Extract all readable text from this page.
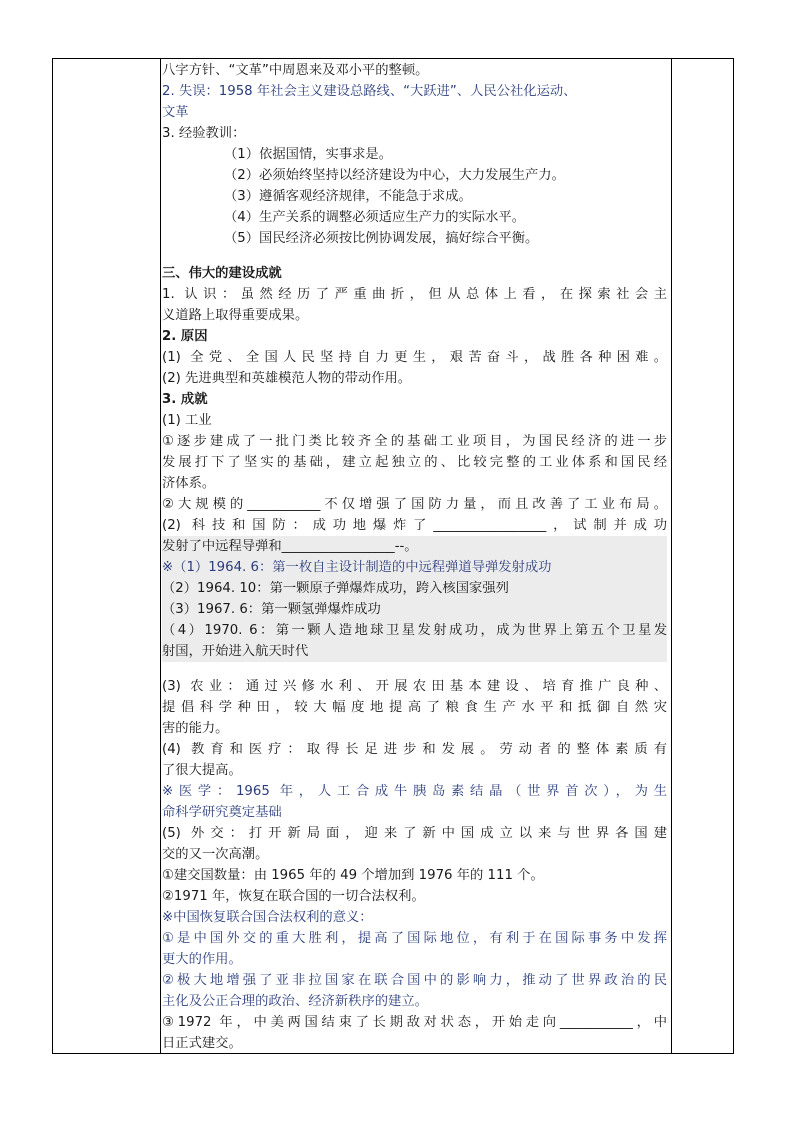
八字方针、“文革”中周恩来及邓小平的整顿。
2. 失误：1958 年社会主义建设总路线、“大跃进”、人民公社化运动、
文革
3. 经验教训：
（1）依据国情，实事求是。
（2）必须始终坚持以经济建设为中心，大力发展生产力。
（3）遵循客观经济规律，不能急于求成。
（4）生产关系的调整必须适应生产力的实际水平。
（5）国民经济必须按比例协调发展，搞好综合平衡。
三、伟大的建设成就
1. 认识：虽然经历了严重曲折，但从总体上看，在探索社会主
义道路上取得重要成果。
2. 原因
(1) 全党、全国人民坚持自力更生，艰苦奋斗，战胜各种困难。
(2) 先进典型和英雄模范人物的带动作用。
3. 成就
(1) 工业
①逐步建成了一批门类比较齐全的基础工业项目，为国民经济的进一步
发展打下了坚实的基础，建立起独立的、比较完整的工业体系和国民经
济体系。
②大规模的___________不仅增强了国防力量，而且改善了工业布局。
(2) 科技和国防：成功地爆炸了_________________，试制并成功
发射了中远程导弹和_________________--。
※（1）1964. 6：第一枚自主设计制造的中远程弹道导弹发射成功
（2）1964. 10：第一颗原子弹爆炸成功，跨入核国家强列
（3）1967. 6：第一颗氢弹爆炸成功
（4）1970. 6：第一颗人造地球卫星发射成功，成为世界上第五个卫星发
射国，开始进入航天时代
(3) 农业：通过兴修水利、开展农田基本建设、培育推广良种、
提倡科学种田，较大幅度地提高了粮食生产水平和抵御自然灾
害的能力。
(4) 教育和医疗：取得长足进步和发展。劳动者的整体素质有
了很大提高。
※医学：1965 年，人工合成牛胰岛素结晶（世界首次），为生
命科学研究奠定基础
(5) 外交：打开新局面，迎来了新中国成立以来与世界各国建
交的又一次高潮。
①建交国数量：由 1965 年的 49 个增加到 1976 年的 111 个。
②1971 年，恢复在联合国的一切合法权利。
※中国恢复联合国合法权利的意义：
①是中国外交的重大胜利，提高了国际地位，有利于在国际事务中发挥
更大的作用。
②极大地增强了亚非拉国家在联合国中的影响力，推动了世界政治的民
主化及公正合理的政治、经济新秩序的建立。
③1972 年，中美两国结束了长期敌对状态，开始走向___________，中
日正式建交。
